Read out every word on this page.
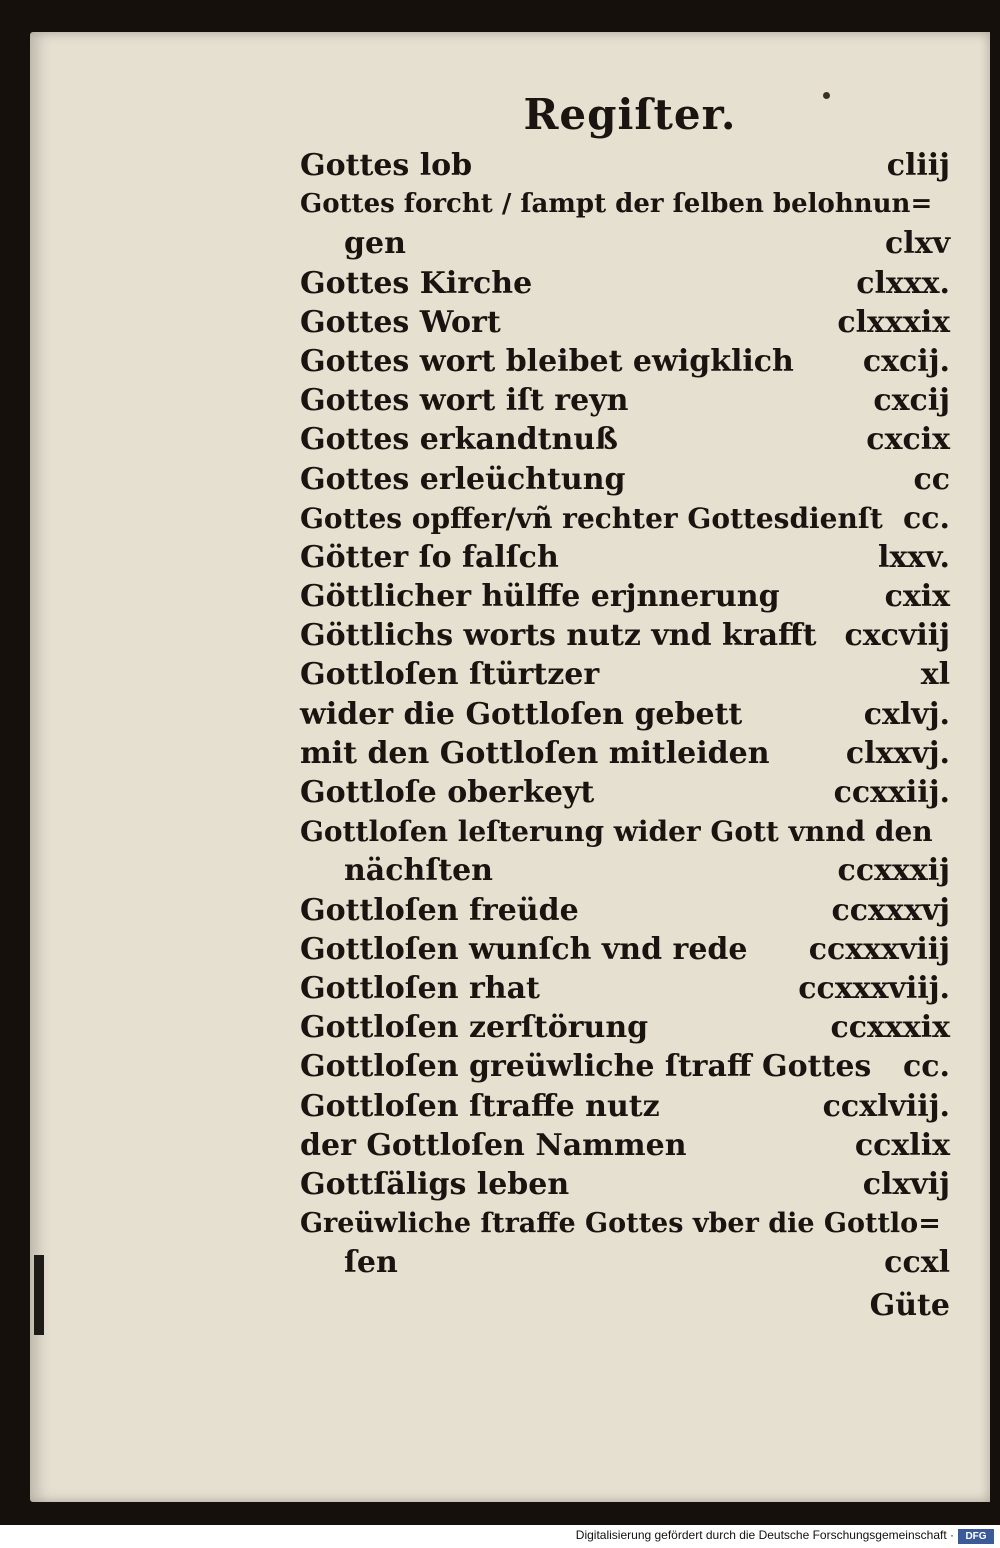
Regiſter.
Gottes lob	cliij
Gottes forcht / ſampt der ſelben belohnun=
gen	clxv
Gottes Kirche	clxxx.
Gottes Wort	clxxxix
Gottes wort bleibet ewigklich cxcij.
Gottes wort iſt reyn	cxcij
Gottes erkandtnuß	cxcix
Gottes erleüchtung	cc
Gottes opffer/vñ rechter Gottesdienſt cc.
Götter ſo falſch	lxxv.
Göttlicher hülffe erjnnerung	cxix
Göttlichs worts nutz vnd krafft cxcviij
Gottloſen ſtürtzer	xl
wider die Gottloſen gebett	cxlvj.
mit den Gottloſen mitleiden	clxxvj.
Gottloſe oberkeyt	ccxxiij.
Gottloſen leſterung wider Gott vnnd den
nächſten	ccxxxij
Gottloſen freüde	ccxxxvj
Gottloſen wunſch vnd rede ccxxxviij
Gottloſen rhat	ccxxxviij.
Gottloſen zerſtörung	ccxxxix
Gottloſen greüwliche ſtraff Gottes cc.
Gottloſen ſtraffe nutz	ccxlviij.
der Gottloſen Nammen	ccxlix
Gottſäligs leben	clxvij
Greüwliche ſtraffe Gottes vber die Gottlo=
ſen	ccxl
Güte
Digitalisierung gefördert durch die Deutsche Forschungsgemeinschaft ·	DFG
